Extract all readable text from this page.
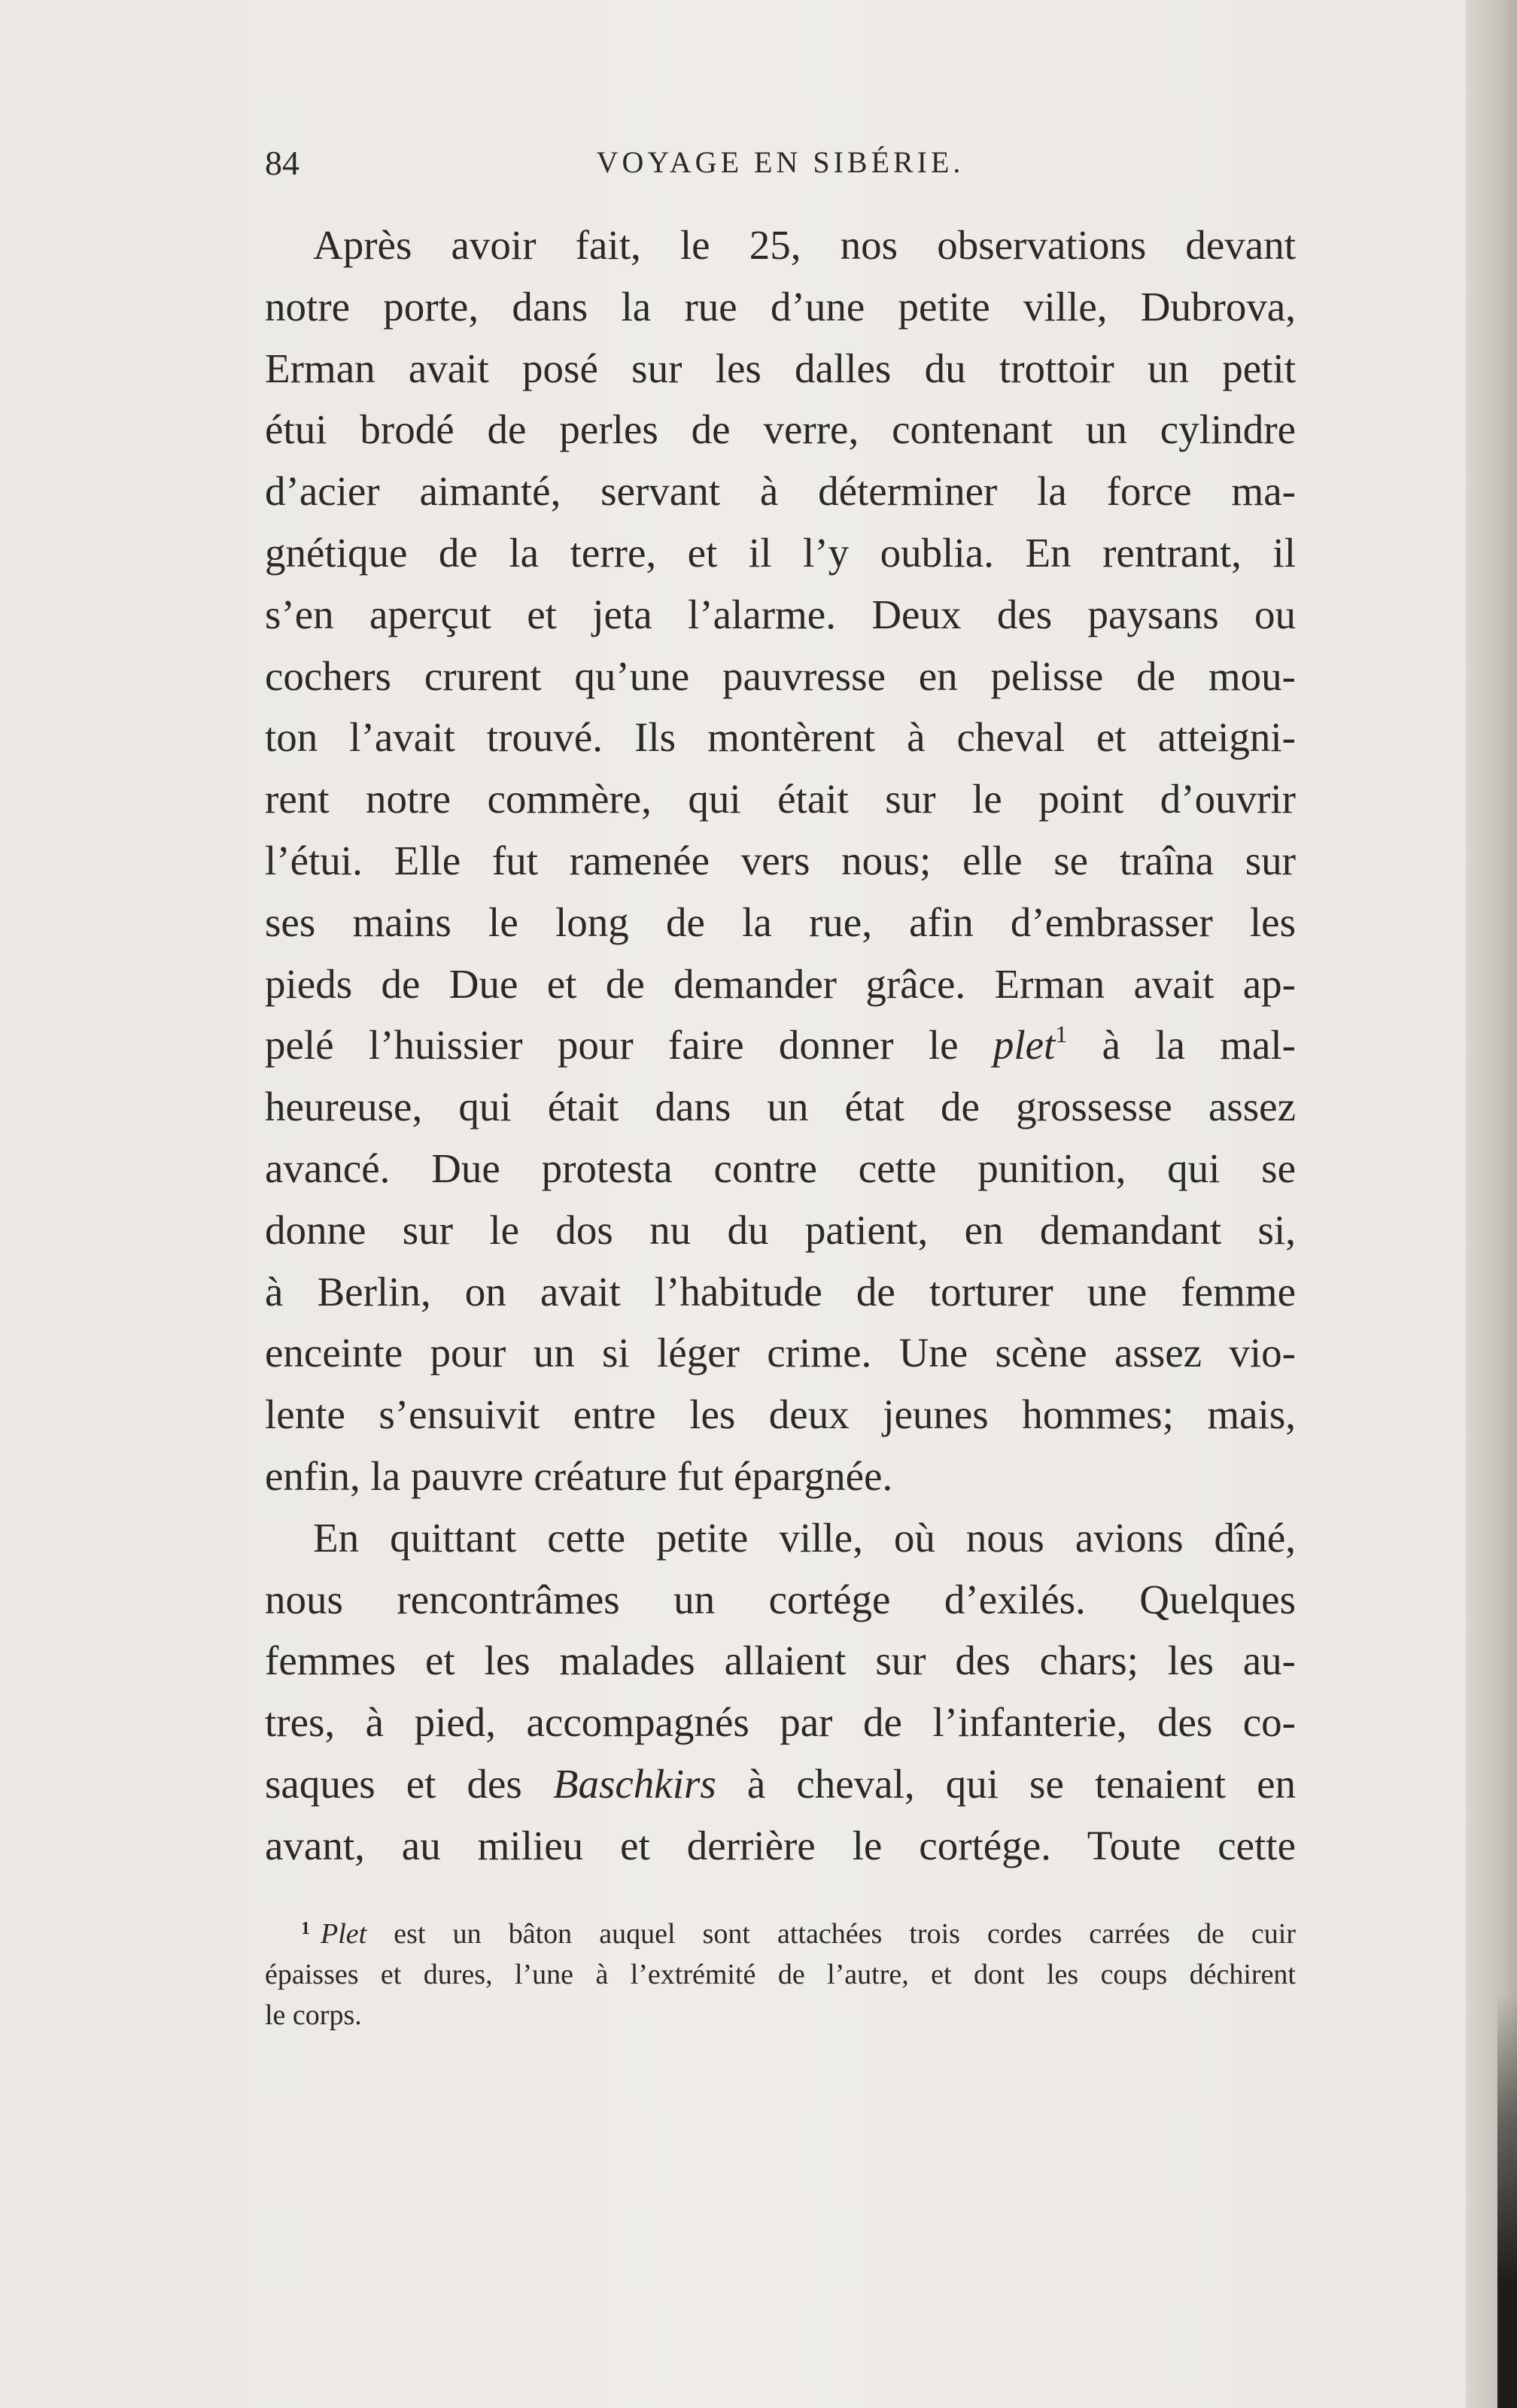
84	VOYAGE EN SIBÉRIE.
Après avoir fait, le 25, nos observations devant
notre porte, dans la rue d’une petite ville, Dubrova,
Erman avait posé sur les dalles du trottoir un petit
étui brodé de perles de verre, contenant un cylindre
d’acier aimanté, servant à déterminer la force ma-
gnétique de la terre, et il l’y oublia. En rentrant, il
s’en aperçut et jeta l’alarme. Deux des paysans ou
cochers crurent qu’une pauvresse en pelisse de mou-
ton l’avait trouvé. Ils montèrent à cheval et atteigni-
rent notre commère, qui était sur le point d’ouvrir
l’étui. Elle fut ramenée vers nous; elle se traîna sur
ses mains le long de la rue, afin d’embrasser les
pieds de Due et de demander grâce. Erman avait ap-
pelé l’huissier pour faire donner le plet$^1$ à la mal-
heureuse, qui était dans un état de grossesse assez
avancé. Due protesta contre cette punition, qui se
donne sur le dos nu du patient, en demandant si,
à Berlin, on avait l’habitude de torturer une femme
enceinte pour un si léger crime. Une scène assez vio-
lente s’ensuivit entre les deux jeunes hommes; mais,
enfin, la pauvre créature fut épargnée.
En quittant cette petite ville, où nous avions dîné,
nous rencontrâmes un cortége d’exilés. Quelques
femmes et les malades allaient sur des chars; les au-
tres, à pied, accompagnés par de l’infanterie, des co-
saques et des Baschkirs à cheval, qui se tenaient en
avant, au milieu et derrière le cortége. Toute cette
$^1$ Plet est un bâton auquel sont attachées trois cordes carrées de cuir
épaisses et dures, l’une à l’extrémité de l’autre, et dont les coups déchirent
le corps.
